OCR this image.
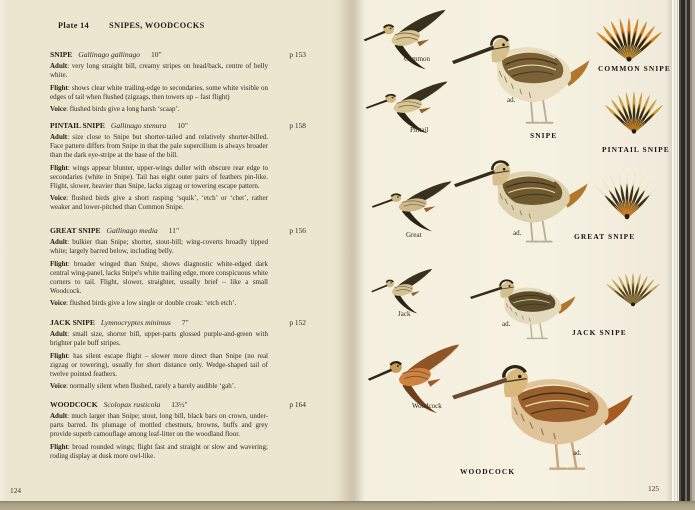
Plate 14 SNIPES, WOODCOCKS
SNIPE Gallinago gallinago 10"	p 153

Adult: very long straight bill, creamy stripes on head/back, centre of belly white.

Flight: shows clear white trailing-edge to secondaries, some white visible on edges of tail when flushed (zigzags, then towers up – fast flight)

Voice: flushed birds give a long harsh ‘scaap’.

PINTAIL SNIPE Gallinago stenura 10"	p 158

Adult: size close to Snipe but shorter-tailed and relatively shorter-billed. Face pattern differs from Snipe in that the pale supercilium is always broader than the dark eye-stripe at the base of the bill.

Flight: wings appear blunter, upper-wings duller with obscure rear edge to secondaries (white in Snipe). Tail has eight outer pairs of feathers pin-like. Flight, slower, heavier than Snipe, lacks zigzag or towering escape pattern.

Voice: flushed birds give a short rasping ‘squik’, ‘etch’ or ‘chet’, rather weaker and lower-pitched than Common Snipe.

GREAT SNIPE Gallinago media 11"	p 156

Adult: bulkier than Snipe; shorter, stout-bill; wing-coverts broadly tipped white; largely barred below, including belly.

Flight: broader winged than Snipe, shows diagnostic white-edged dark central wing-panel, lacks Snipe's white trailing edge, more conspicuous white corners to tail. Flight, slower, straighter, usually brief – like a small Woodcock.

Voice: flushed birds give a low single or double croak: ‘etch etch’.

JACK SNIPE Lymnocryptes minimus 7"	p 152

Adult: small size, shorter bill, upper-parts glossed purple-and-green with brighter pale buff stripes.

Flight: has silent escape flight – slower more direct than Snipe (no real zigzag or towering), usually for short distance only. Wedge-shaped tail of twelve pointed feathers.

Voice: normally silent when flushed, rarely a barely audible ‘gah’.

WOODCOCK Scolopax rusticola 13½"	p 164

Adult: much larger than Snipe; stout, long bill, black bars on crown, under-parts barred. Its plumage of mottled chestnuts, browns, buffs and grey provide superb camouflage among leaf-litter on the woodland floor.

Flight: broad rounded wings; flight fast and straight or slow and wavering; roding display at dusk more owl-like.

124
Common
Pintail
ad.
SNIPE
COMMON SNIPE
PINTAIL SNIPE
Great	ad.	GREAT SNIPE
Jack
ad.
JACK SNIPE
Woodcock
ad.
WOODCOCK
125
